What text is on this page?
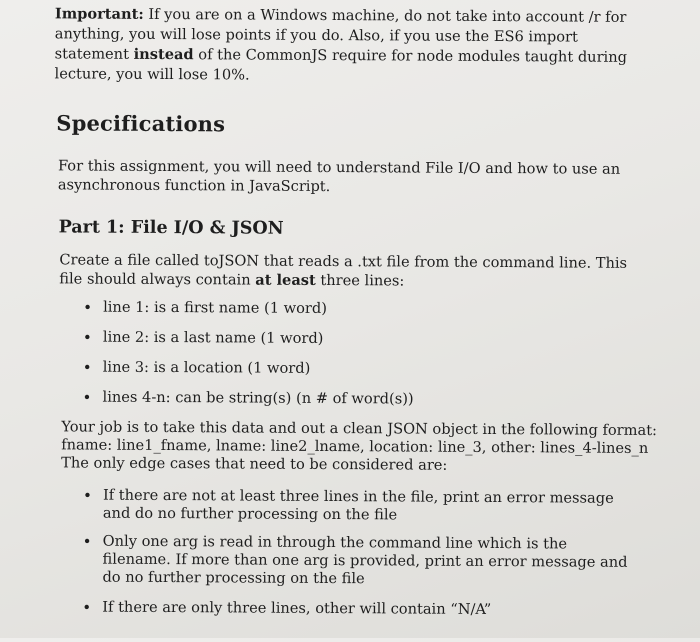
Important: If you are on a Windows machine, do not take into account /r for anything, you will lose points if you do. Also, if you use the ES6 import statement instead of the CommonJS require for node modules taught during lecture, you will lose 10%.

Specifications

For this assignment, you will need to understand File I/O and how to use an asynchronous function in JavaScript.

Part 1: File I/O & JSON

Create a file called toJSON that reads a .txt file from the command line. This file should always contain at least three lines:

• line 1: is a first name (1 word)
• line 2: is a last name (1 word)
• line 3: is a location (1 word)
• lines 4-n: can be string(s) (n # of word(s))
Your job is to take this data and out a clean JSON object in the following format:
fname: line1_fname, lname: line2_lname, location: line_3, other: lines_4-lines_n
The only edge cases that need to be considered are:
• If there are not at least three lines in the file, print an error message and do no further processing on the file
• Only one arg is read in through the command line which is the filename. If more than one arg is provided, print an error message and do no further processing on the file
• If there are only three lines, other will contain “N/A”
